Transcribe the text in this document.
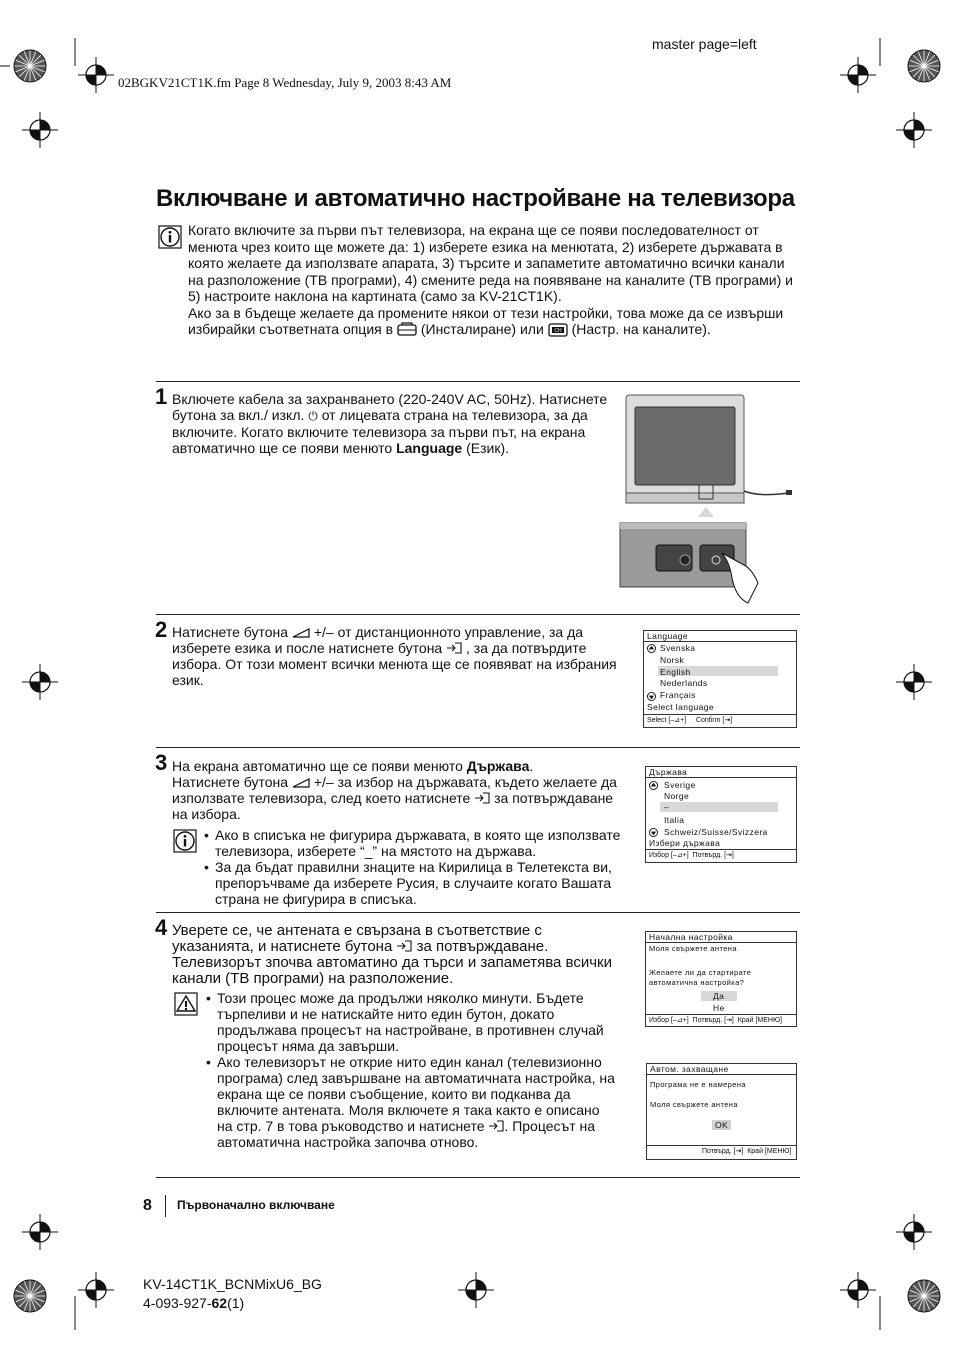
master page=left
02BGKV21CT1K.fm Page 8 Wednesday, July 9, 2003 8:43 AM
Включване и автоматично настройване на телевизора
Когато включите за първи път телевизора, на екрана ще се появи последователност от менюта чрез които ще можете да: 1) изберете езика на менютата, 2) изберете държавата в която желаете да използвате апарата, 3) търсите и запаметите автоматично всички канали на разположение (ТВ програми), 4) смените реда на появяване на каналите (ТВ програми) и 5) настроите наклона на картината (само за KV-21CT1K).
Ако за в бъдеще желаете да промените някои от тези настройки, това може да се извърши избирайки съответната опция в (Инсталиране) или CH (Настр. на каналите).
1 Включете кабела за захранването (220-240V AC, 50Hz). Натиснете бутона за вкл./ изкл. ⏻ от лицевата страна на телевизора, за да включите. Когато включите телевизора за първи път, на екрана автоматично ще се появи менюто Language (Език).
SONY
2 Натиснете бутона +/– от дистанционното управление, за да изберете езика и после натиснете бутона , за да потвърдите избора. От този момент всички менюта ще се появяват на избрания език.
Language
Svenska
Norsk
English
Nederlands
Français
Select language
Select [–⊿+] Confirm [⇥]
3 На екрана автоматично ще се появи менюто Държава.
Натиснете бутона +/– за избор на държавата, където желаете да използвате телевизора, след което натиснете за потвърждаване на избора.
• Ако в списъка не фигурира държавата, в която ще използвате телевизора, изберете “_” на мястото на държава.
• За да бъдат правилни знаците на Кирилица в Телетекста ви, препоръчваме да изберете Русия, в случаите когато Вашата страна не фигурира в списъка.
Държава
Sverige
Norge
–
Italia
Schweiz/Suisse/Svizzera
Избери държава
Избор [–⊿+]  Потвърд. [⇥]
4 Уверете се, че антената е свързана в съответствие с указанията, и натиснете бутона за потвърждаване. Телевизорът зпочва автоматино да търси и запаметява всички канали (ТВ програми) на разположение.
• Този процес може да продължи няколко минути. Бъдете търпеливи и не натискайте нито един бутон, докато продължава процесът на настройване, в противнен случай процесът няма да завърши.
• Ако телевизорът не открие нито един канал (телевизионно програма) след завършване на автоматичната настройка, на екрана ще се появи съобщение, които ви подканва да включите антената. Моля включете я така както е описано на стр. 7 в това ръководство и натиснете . Процесът на автоматична настройка започва отново.
Начална настройка
Моля свържете антена
Желаете ли да стартирате
автоматична настройка?
Да
Не
Избор [–⊿+]  Потвърд. [⇥]  Край [МЕНЮ]
Автом. захващане
Програма не е намерена
Моля свържете антена
OK
Потвърд. [⇥]  Край [МЕНЮ]
8 Първоначално включване
KV-14CT1K_BCNMixU6_BG
4-093-927-62(1)
